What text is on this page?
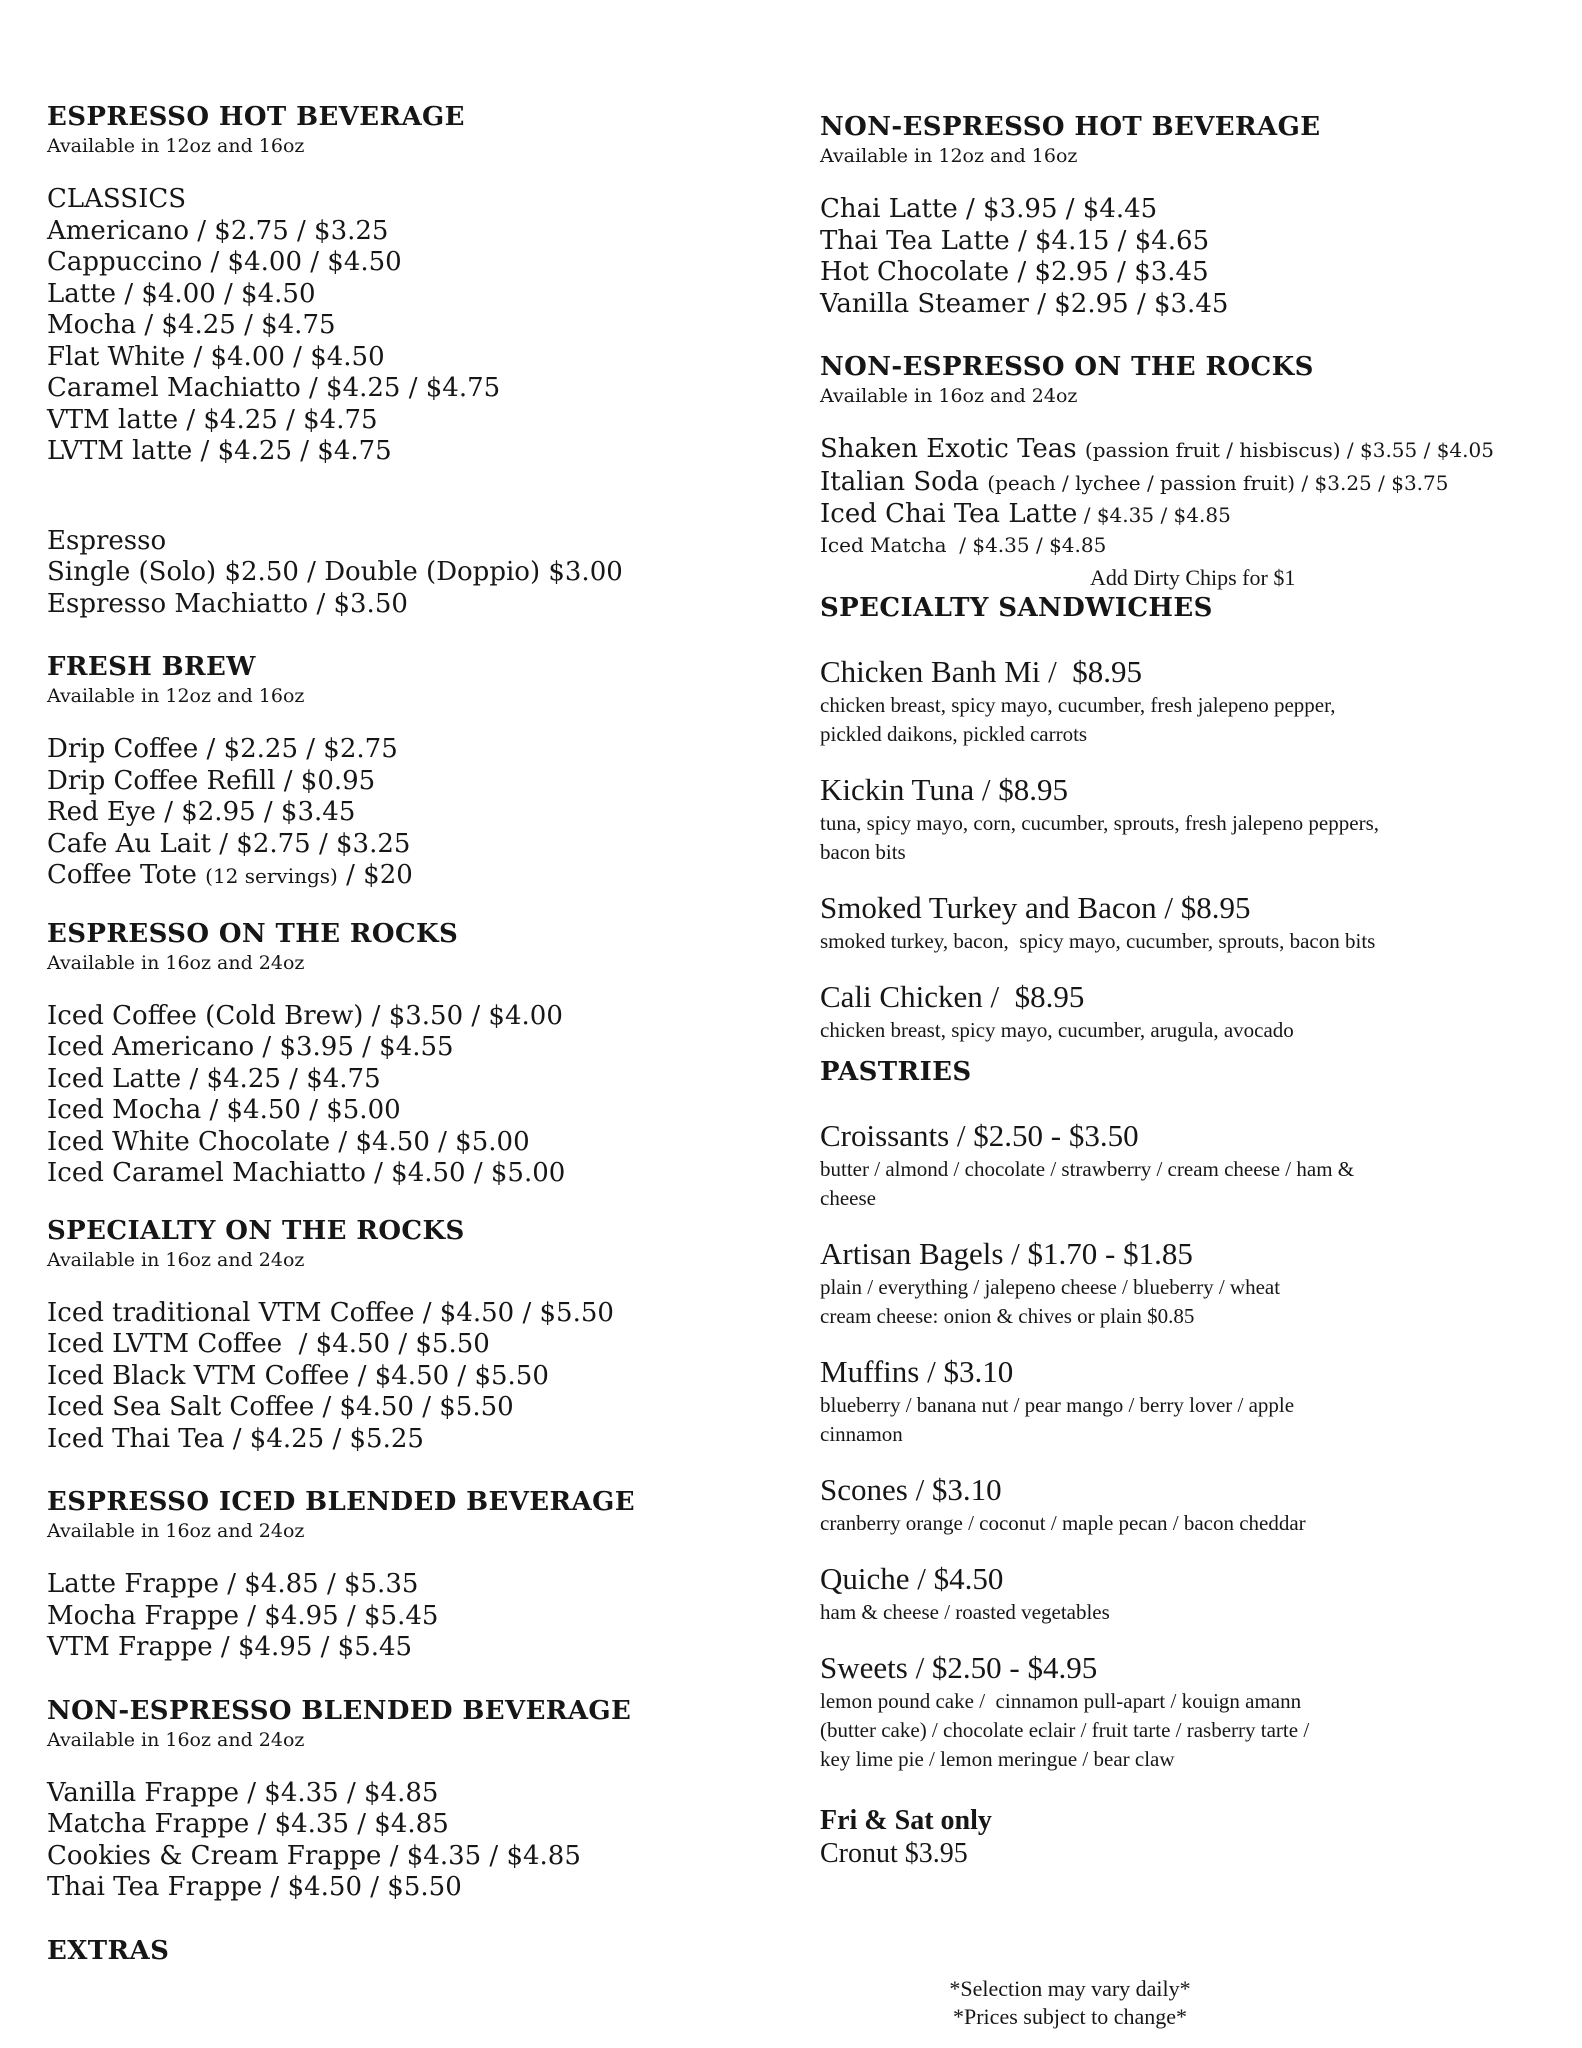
ESPRESSO HOT BEVERAGE
Available in 12oz and 16oz
CLASSICS
Americano / $2.75 / $3.25
Cappuccino / $4.00 / $4.50
Latte / $4.00 / $4.50
Mocha / $4.25 / $4.75
Flat White / $4.00 / $4.50
Caramel Machiatto / $4.25 / $4.75
VTM latte / $4.25 / $4.75
LVTM latte / $4.25 / $4.75
Espresso
Single (Solo) $2.50 / Double (Doppio) $3.00
Espresso Machiatto / $3.50
FRESH BREW
Available in 12oz and 16oz
Drip Coffee / $2.25 / $2.75
Drip Coffee Refill / $0.95
Red Eye / $2.95 / $3.45
Cafe Au Lait / $2.75 / $3.25
Coffee Tote (12 servings) / $20
ESPRESSO ON THE ROCKS
Available in 16oz and 24oz
Iced Coffee (Cold Brew) / $3.50 / $4.00
Iced Americano / $3.95 / $4.55
Iced Latte / $4.25 / $4.75
Iced Mocha / $4.50 / $5.00
Iced White Chocolate / $4.50 / $5.00
Iced Caramel Machiatto / $4.50 / $5.00
SPECIALTY ON THE ROCKS
Available in 16oz and 24oz
Iced traditional VTM Coffee / $4.50 / $5.50
Iced LVTM Coffee  / $4.50 / $5.50
Iced Black VTM Coffee / $4.50 / $5.50
Iced Sea Salt Coffee / $4.50 / $5.50
Iced Thai Tea / $4.25 / $5.25
ESPRESSO ICED BLENDED BEVERAGE
Available in 16oz and 24oz
Latte Frappe / $4.85 / $5.35
Mocha Frappe / $4.95 / $5.45
VTM Frappe / $4.95 / $5.45
NON-ESPRESSO BLENDED BEVERAGE
Available in 16oz and 24oz
Vanilla Frappe / $4.35 / $4.85
Matcha Frappe / $4.35 / $4.85
Cookies & Cream Frappe / $4.35 / $4.85
Thai Tea Frappe / $4.50 / $5.50
EXTRAS
NON-ESPRESSO HOT BEVERAGE
Available in 12oz and 16oz
Chai Latte / $3.95 / $4.45
Thai Tea Latte / $4.15 / $4.65
Hot Chocolate / $2.95 / $3.45
Vanilla Steamer / $2.95 / $3.45
NON-ESPRESSO ON THE ROCKS
Available in 16oz and 24oz
Shaken Exotic Teas (passion fruit / hisbiscus) / $3.55 / $4.05
Italian Soda (peach / lychee / passion fruit) / $3.25 / $3.75
Iced Chai Tea Latte / $4.35 / $4.85
Iced Matcha  / $4.35 / $4.85
Add Dirty Chips for $1
SPECIALTY SANDWICHES
Chicken Banh Mi /  $8.95
chicken breast, spicy mayo, cucumber, fresh jalepeno pepper,
pickled daikons, pickled carrots
Kickin Tuna / $8.95
tuna, spicy mayo, corn, cucumber, sprouts, fresh jalepeno peppers,
bacon bits
Smoked Turkey and Bacon / $8.95
smoked turkey, bacon,  spicy mayo, cucumber, sprouts, bacon bits
Cali Chicken /  $8.95
chicken breast, spicy mayo, cucumber, arugula, avocado
PASTRIES
Croissants / $2.50 - $3.50
butter / almond / chocolate / strawberry / cream cheese / ham &
cheese
Artisan Bagels / $1.70 - $1.85
plain / everything / jalepeno cheese / blueberry / wheat
cream cheese: onion & chives or plain $0.85
Muffins / $3.10
blueberry / banana nut / pear mango / berry lover / apple
cinnamon
Scones / $3.10
cranberry orange / coconut / maple pecan / bacon cheddar
Quiche / $4.50
ham & cheese / roasted vegetables
Sweets / $2.50 - $4.95
lemon pound cake /  cinnamon pull-apart / kouign amann
(butter cake) / chocolate eclair / fruit tarte / rasberry tarte /
key lime pie / lemon meringue / bear claw
Fri & Sat only
Cronut $3.95
*Selection may vary daily*
*Prices subject to change*
